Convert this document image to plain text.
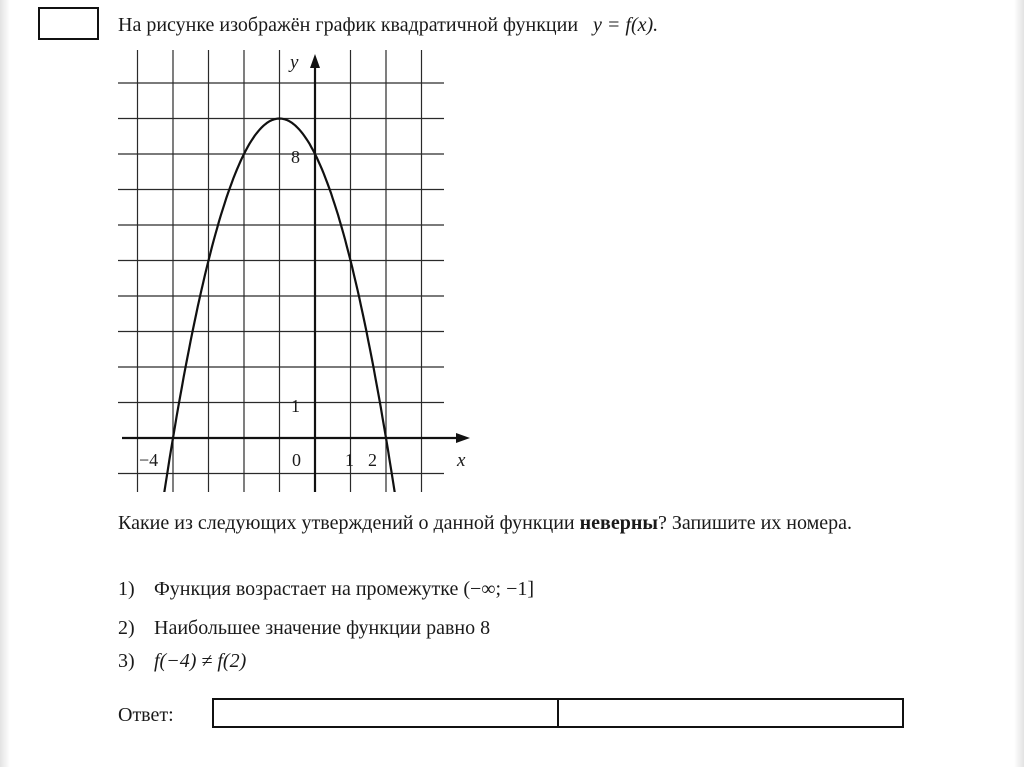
На рисунке изображён график квадратичной функции y = f(x).
y
x
0
−4	1 2
1
8
Какие из следующих утверждений о данной функции неверны? Запишите их номера.
1) Функция возрастает на промежутке (−∞; −1]
2) Наибольшее значение функции равно 8
3) f(−4) ≠ f(2)
Ответ:
